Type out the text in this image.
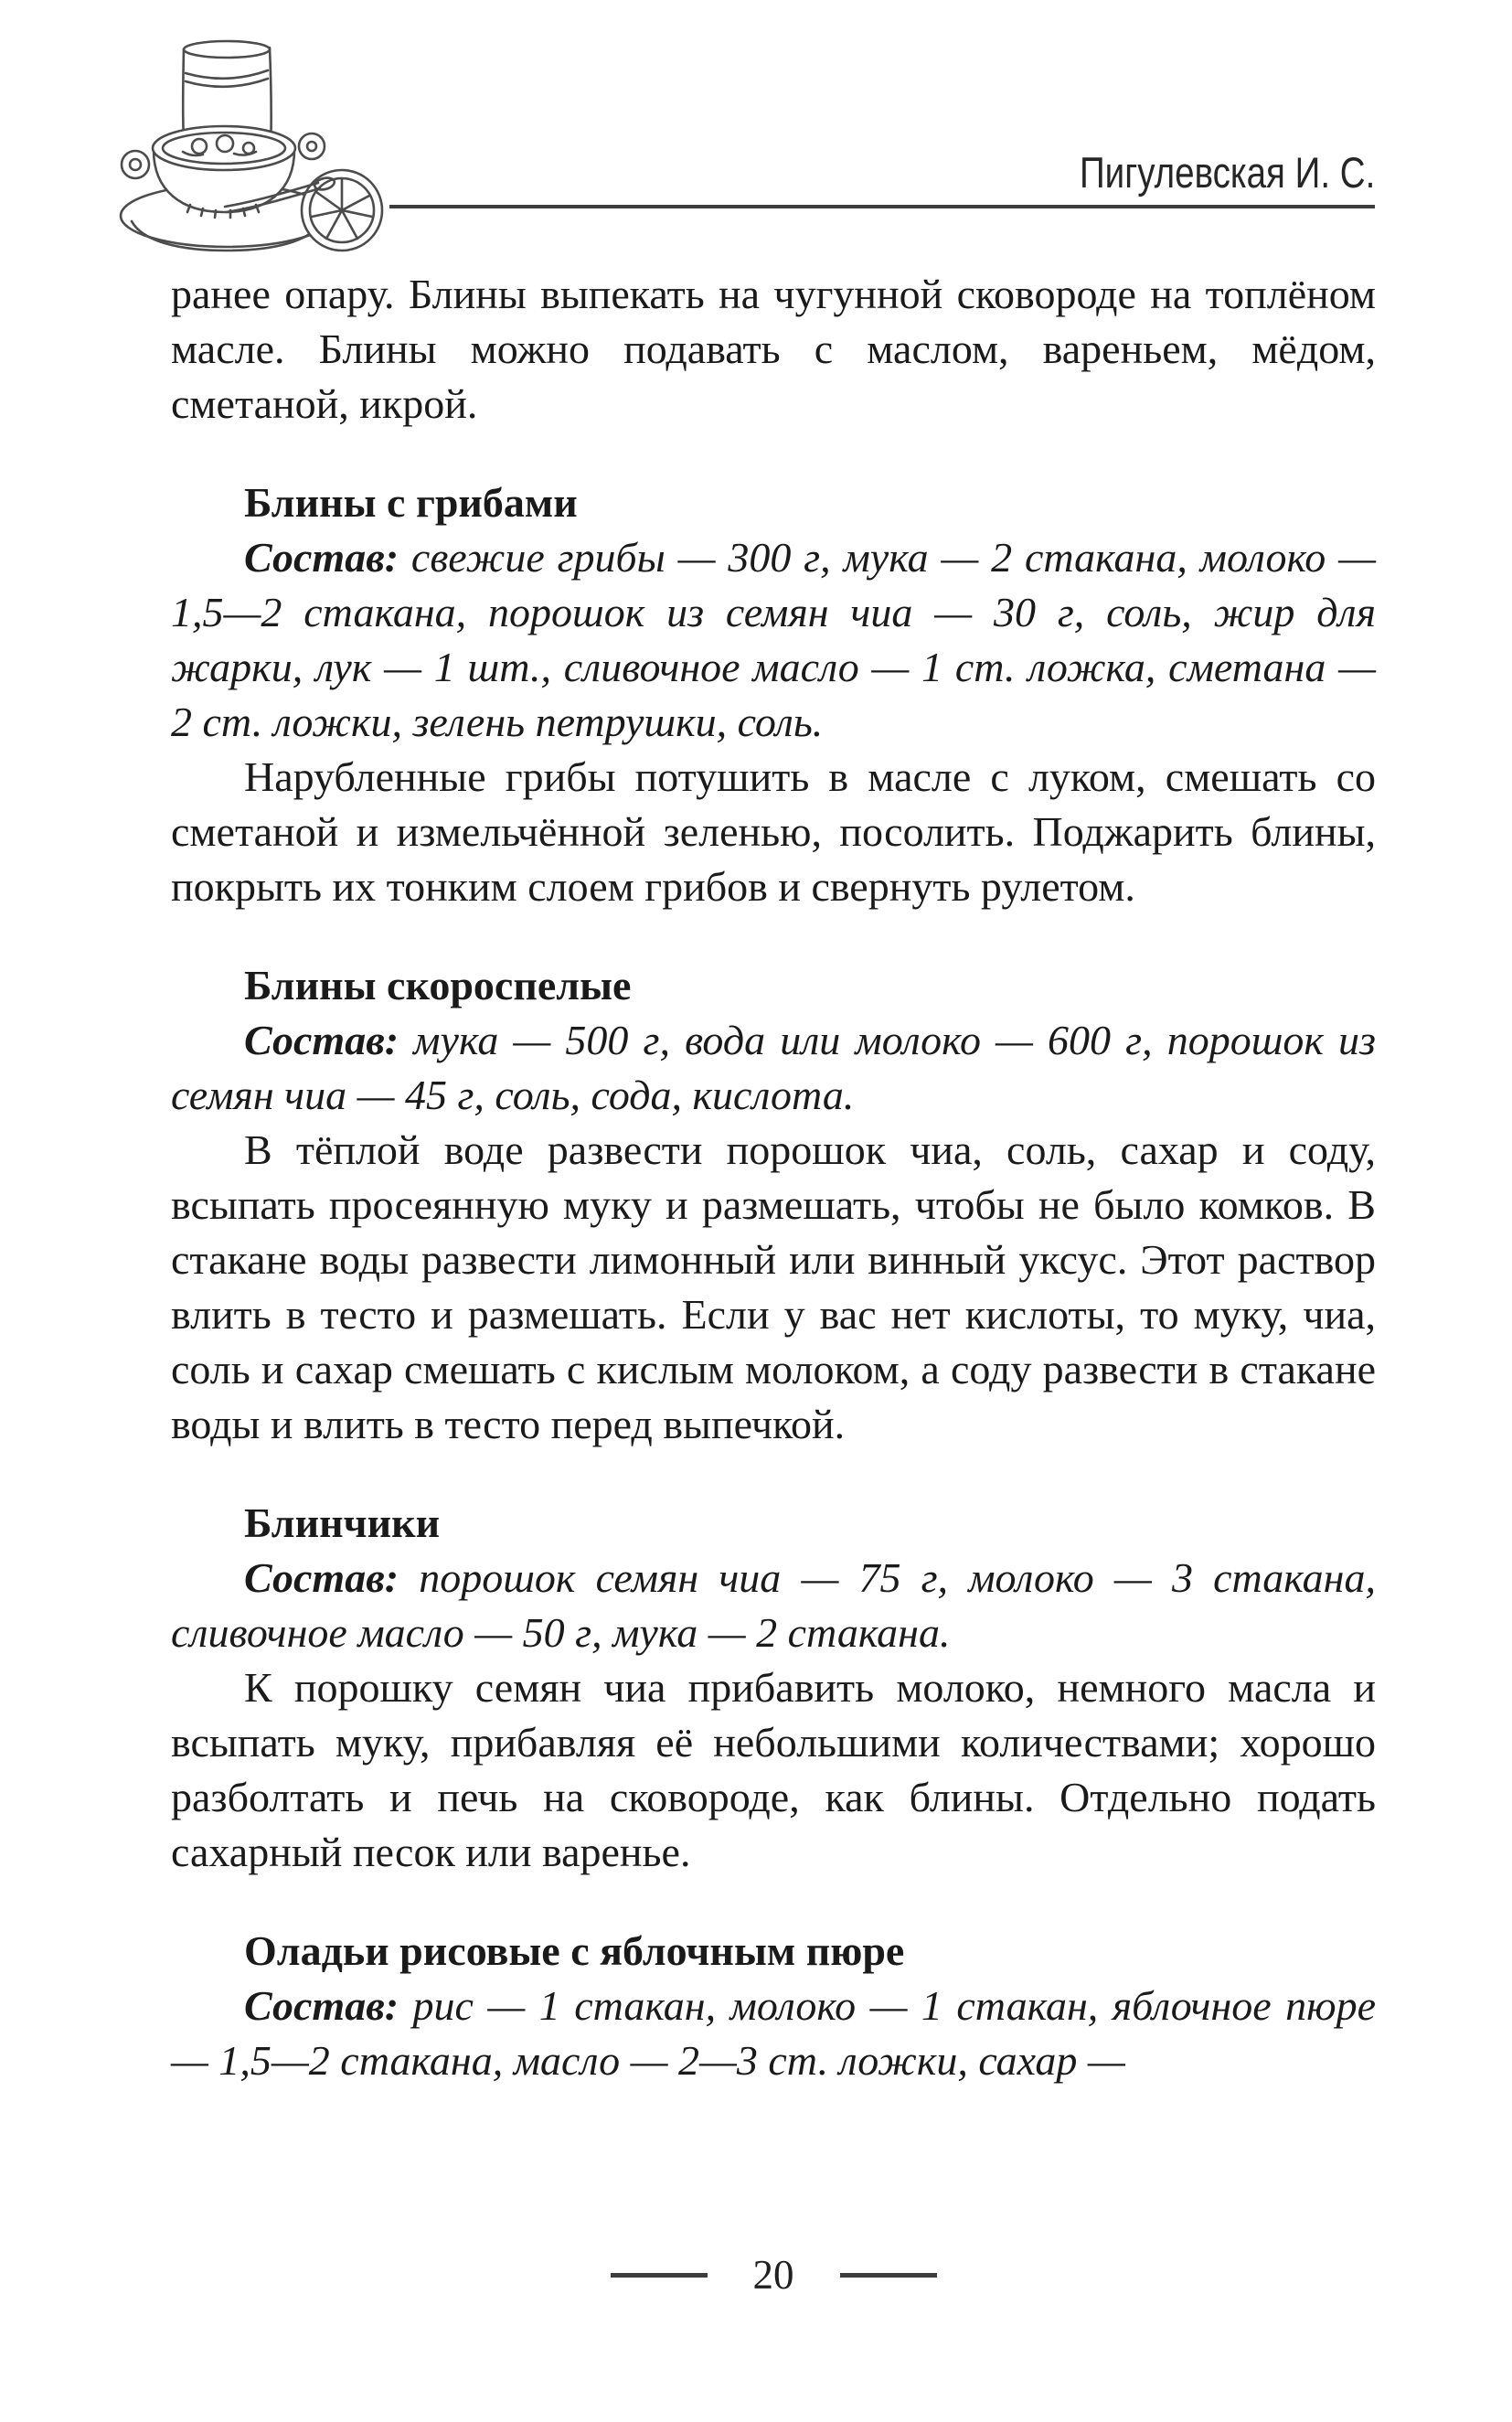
Пигулевская И. С.

ранее опару. Блины выпекать на чугунной сковороде на топлёном масле. Блины можно подавать с маслом, вареньем, мёдом, сметаной, икрой.

Блины с грибами

Состав: свежие грибы — 300 г, мука — 2 стакана, молоко — 1,5—2 стакана, порошок из семян чиа — 30 г, соль, жир для жарки, лук — 1 шт., сливочное масло — 1 ст. ложка, сметана — 2 ст. ложки, зелень петрушки, соль.

Нарубленные грибы потушить в масле с луком, смешать со сметаной и измельчённой зеленью, посолить. Поджарить блины, покрыть их тонким слоем грибов и свернуть рулетом.

Блины скороспелые

Состав: мука — 500 г, вода или молоко — 600 г, порошок из семян чиа — 45 г, соль, сода, кислота.

В тёплой воде развести порошок чиа, соль, сахар и соду, всыпать просеянную муку и размешать, чтобы не было комков. В стакане воды развести лимонный или винный уксус. Этот раствор влить в тесто и размешать. Если у вас нет кислоты, то муку, чиа, соль и сахар смешать с кислым молоком, а соду развести в стакане воды и влить в тесто перед выпечкой.

Блинчики

Состав: порошок семян чиа — 75 г, молоко — 3 стакана, сливочное масло — 50 г, мука — 2 стакана.

К порошку семян чиа прибавить молоко, немного масла и всыпать муку, прибавляя её небольшими количествами; хорошо разболтать и печь на сковороде, как блины. Отдельно подать сахарный песок или варенье.

Оладьи рисовые с яблочным пюре

Состав: рис — 1 стакан, молоко — 1 стакан, яблочное пюре — 1,5—2 стакана, масло — 2—3 ст. ложки, сахар —

20
